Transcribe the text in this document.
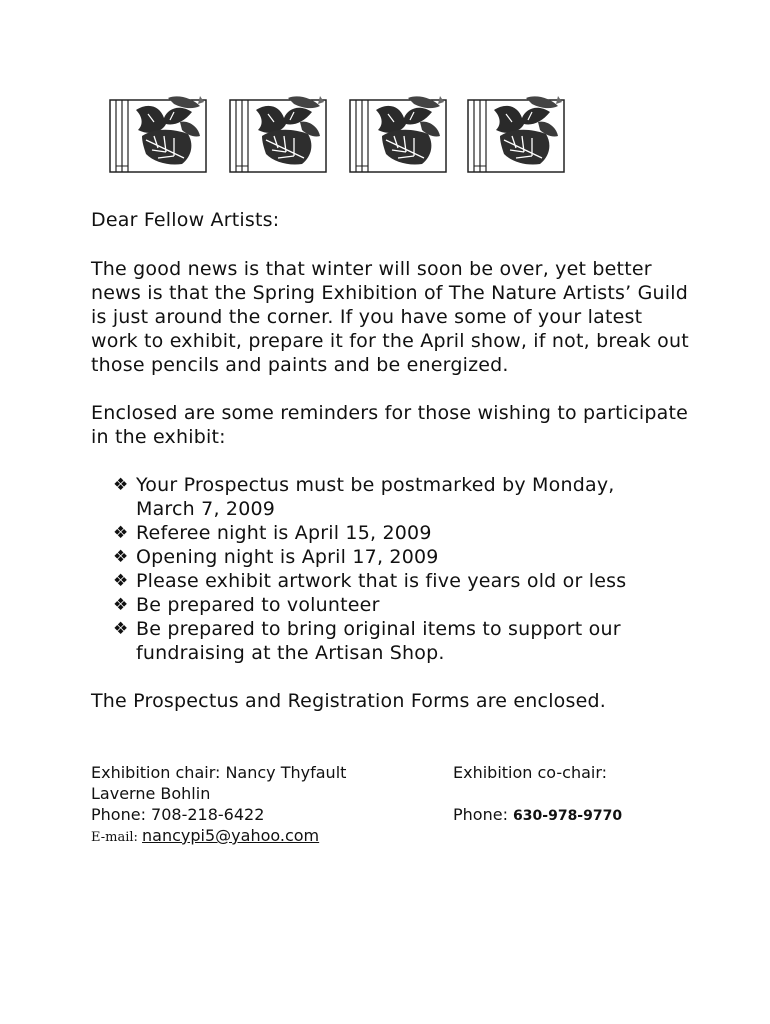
Dear Fellow Artists:

The good news is that winter will soon be over, yet better news is that the Spring Exhibition of The Nature Artists’ Guild is just around the corner. If you have some of your latest work to exhibit, prepare it for the April show, if not, break out those pencils and paints and be energized.

Enclosed are some reminders for those wishing to participate in the exhibit:

❖ Your Prospectus must be postmarked by Monday, March 7, 2009
❖ Referee night is April 15, 2009
❖ Opening night is April 17, 2009
❖ Please exhibit artwork that is five years old or less
❖ Be prepared to volunteer
❖ Be prepared to bring original items to support our fundraising at the Artisan Shop.

The Prospectus and Registration Forms are enclosed.

Exhibition chair: Nancy Thyfault	Exhibition co-chair:

Laverne Bohlin

Phone: 708-218-6422	Phone: 630-978-9770

E-mail: nancypi5@yahoo.com
